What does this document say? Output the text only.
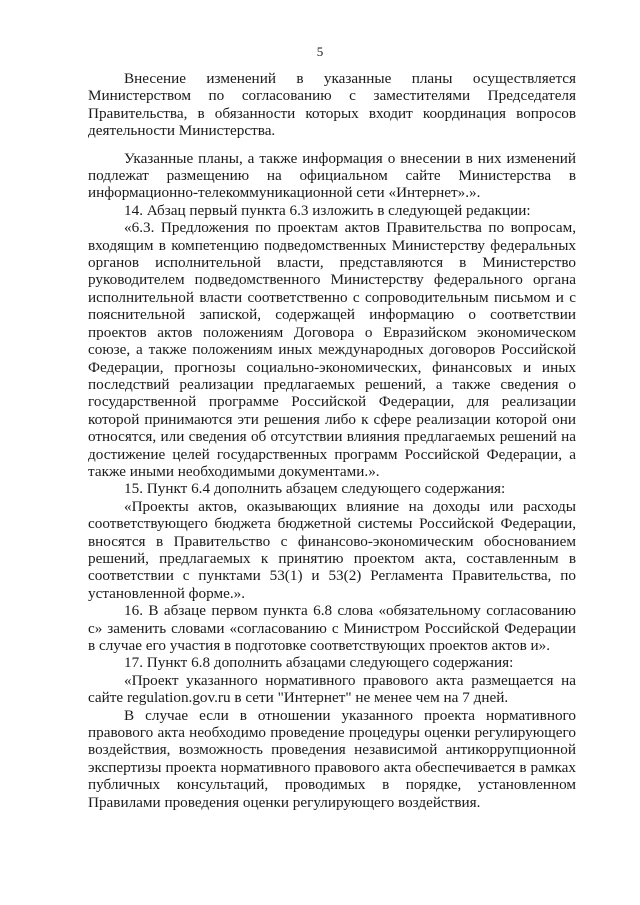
5

Внесение изменений в указанные планы осуществляется Министерством по согласованию с заместителями Председателя Правительства, в обязанности которых входит координация вопросов деятельности Министерства.

Указанные планы, а также информация о внесении в них изменений подлежат размещению на официальном сайте Министерства в информационно-телекоммуникационной сети «Интернет».».

14. Абзац первый пункта 6.3 изложить в следующей редакции:

«6.3. Предложения по проектам актов Правительства по вопросам, входящим в компетенцию подведомственных Министерству федеральных органов исполнительной власти, представляются в Министерство руководителем подведомственного Министерству федерального органа исполнительной власти соответственно с сопроводительным письмом и с пояснительной запиской, содержащей информацию о соответствии проектов актов положениям Договора о Евразийском экономическом союзе, а также положениям иных международных договоров Российской Федерации, прогнозы социально-экономических, финансовых и иных последствий реализации предлагаемых решений, а также сведения о государственной программе Российской Федерации, для реализации которой принимаются эти решения либо к сфере реализации которой они относятся, или сведения об отсутствии влияния предлагаемых решений на достижение целей государственных программ Российской Федерации, а также иными необходимыми документами.».

15. Пункт 6.4 дополнить абзацем следующего содержания:

«Проекты актов, оказывающих влияние на доходы или расходы соответствующего бюджета бюджетной системы Российской Федерации, вносятся в Правительство с финансово-экономическим обоснованием решений, предлагаемых к принятию проектом акта, составленным в соответствии с пунктами 53(1) и 53(2) Регламента Правительства, по установленной форме.».

16. В абзаце первом пункта 6.8 слова «обязательному согласованию с» заменить словами «согласованию с Министром Российской Федерации в случае его участия в подготовке соответствующих проектов актов и».

17. Пункт 6.8 дополнить абзацами следующего содержания:

«Проект указанного нормативного правового акта размещается на сайте regulation.gov.ru в сети "Интернет" не менее чем на 7 дней.

В случае если в отношении указанного проекта нормативного правового акта необходимо проведение процедуры оценки регулирующего воздействия, возможность проведения независимой антикоррупционной экспертизы проекта нормативного правового акта обеспечивается в рамках публичных консультаций, проводимых в порядке, установленном Правилами проведения оценки регулирующего воздействия.
